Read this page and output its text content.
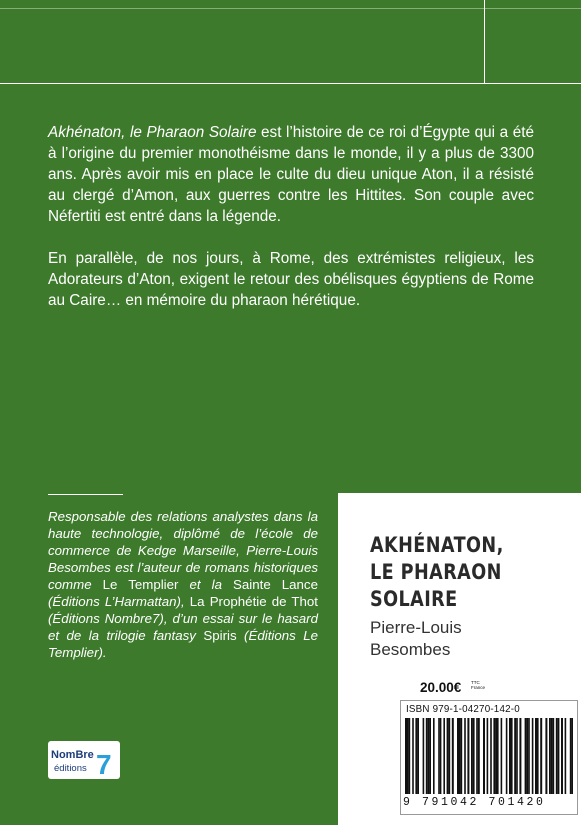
Akhénaton, le Pharaon Solaire est l’histoire de ce roi d’Égypte qui a été à l’origine du premier monothéisme dans le monde, il y a plus de 3300 ans. Après avoir mis en place le culte du dieu unique Aton, il a résisté au clergé d’Amon, aux guerres contre les Hittites. Son couple avec Néfertiti est entré dans la légende.

En parallèle, de nos jours, à Rome, des extrémistes religieux, les Adorateurs d’Aton, exigent le retour des obélisques égyptiens de Rome au Caire… en mémoire du pharaon hérétique.

Responsable des relations analystes dans la haute technologie, diplômé de l’école de commerce de Kedge Marseille, Pierre-Louis Besombes est l’auteur de romans historiques comme Le Templier et la Sainte Lance (Éditions L’Harmattan), La Prophétie de Thot (Éditions Nombre7), d’un essai sur le hasard et de la trilogie fantasy Spiris (Éditions Le Templier).
NomBre
éditions 7
AKHÉNATON,
LE PHARAON
SOLAIRE
Pierre-Louis
Besombes
20.00€ TTC
France
ISBN 979-1-04270-142-0
9 791042 701420
